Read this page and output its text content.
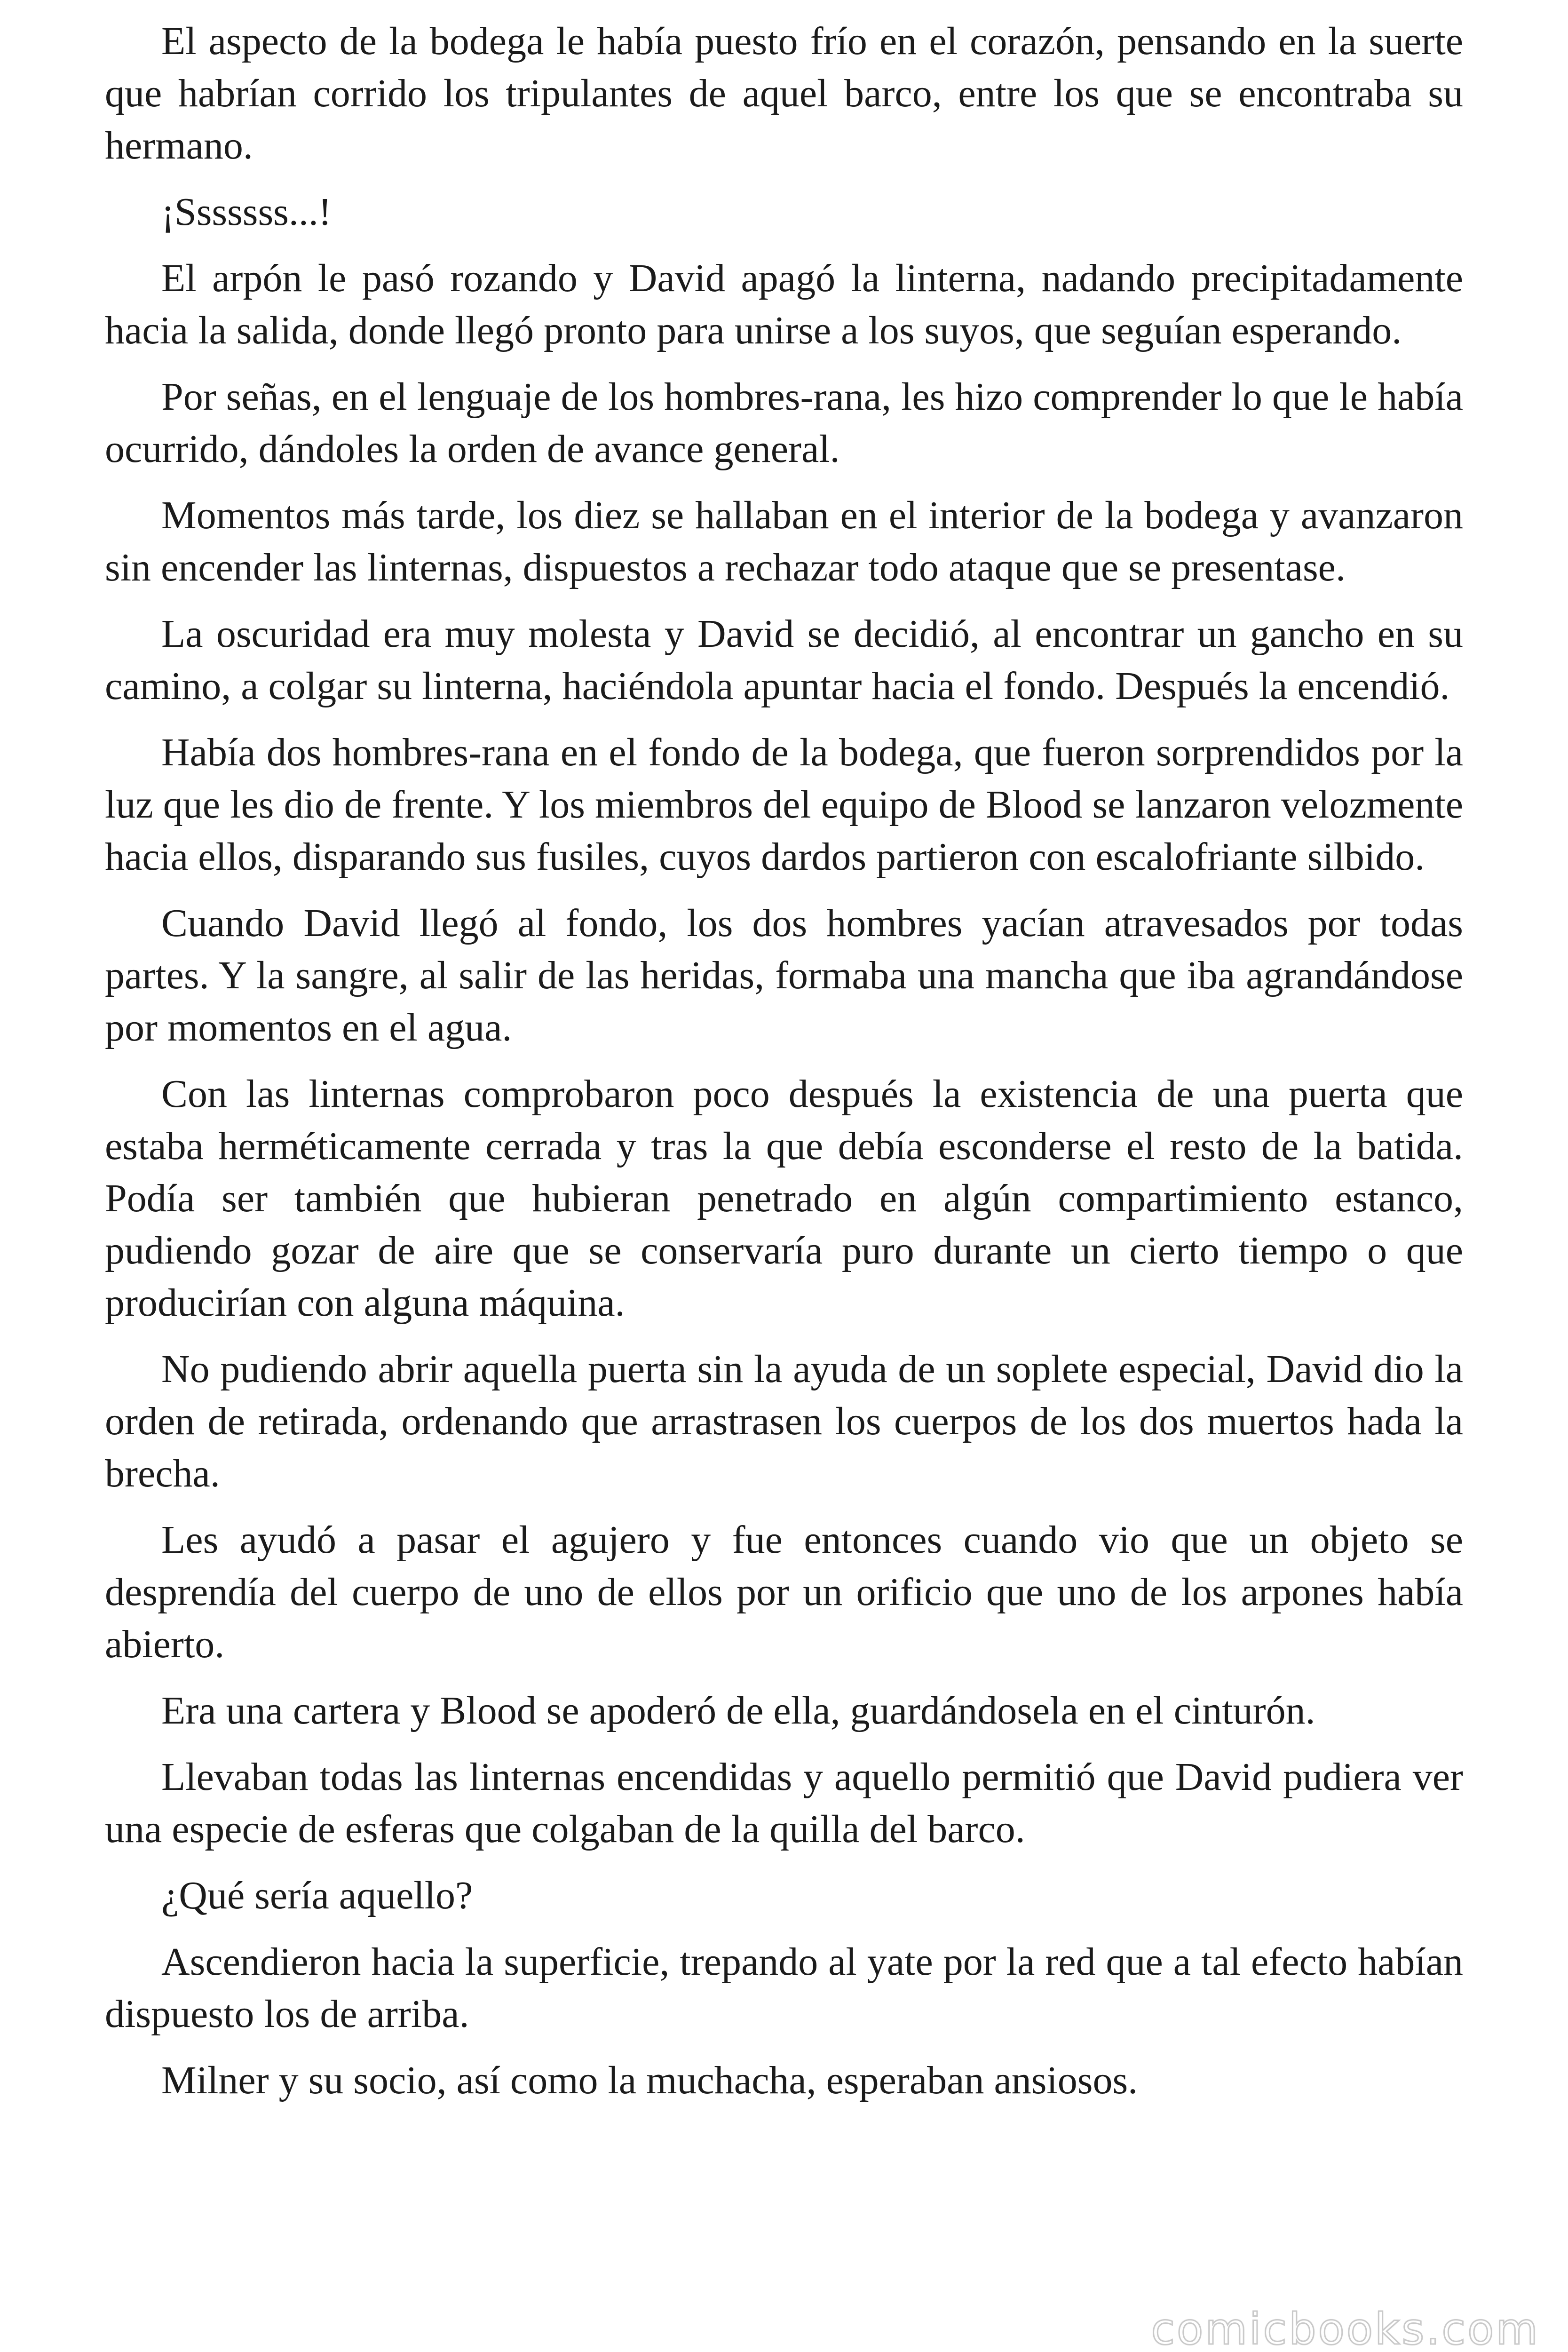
El aspecto de la bodega le había puesto frío en el corazón, pensando en la suerte que habrían corrido los tripulantes de aquel barco, entre los que se encontraba su hermano.

¡Sssssss...!

El arpón le pasó rozando y David apagó la linterna, nadando precipitadamente hacia la salida, donde llegó pronto para unirse a los suyos, que seguían esperando.

Por señas, en el lenguaje de los hombres-rana, les hizo comprender lo que le había ocurrido, dándoles la orden de avance general.

Momentos más tarde, los diez se hallaban en el interior de la bodega y avanzaron sin encender las linternas, dispuestos a rechazar todo ataque que se presentase.

La oscuridad era muy molesta y David se decidió, al encontrar un gancho en su camino, a colgar su linterna, haciéndola apuntar hacia el fondo. Después la encendió.

Había dos hombres-rana en el fondo de la bodega, que fueron sorprendidos por la luz que les dio de frente. Y los miembros del equipo de Blood se lanzaron velozmente hacia ellos, disparando sus fusiles, cuyos dardos partieron con escalofriante silbido.

Cuando David llegó al fondo, los dos hombres yacían atravesados por todas partes. Y la sangre, al salir de las heridas, formaba una mancha que iba agrandándose por momentos en el agua.

Con las linternas comprobaron poco después la existencia de una puerta que estaba herméticamente cerrada y tras la que debía esconderse el resto de la batida. Podía ser también que hubieran penetrado en algún compartimiento estanco, pudiendo gozar de aire que se conservaría puro durante un cierto tiempo o que producirían con alguna máquina.

No pudiendo abrir aquella puerta sin la ayuda de un soplete especial, David dio la orden de retirada, ordenando que arrastrasen los cuerpos de los dos muertos hada la brecha.

Les ayudó a pasar el agujero y fue entonces cuando vio que un objeto se desprendía del cuerpo de uno de ellos por un orificio que uno de los arpones había abierto.

Era una cartera y Blood se apoderó de ella, guardándosela en el cinturón.

Llevaban todas las linternas encendidas y aquello permitió que David pudiera ver una especie de esferas que colgaban de la quilla del barco.

¿Qué sería aquello?

Ascendieron hacia la superficie, trepando al yate por la red que a tal efecto habían dispuesto los de arriba.

Milner y su socio, así como la muchacha, esperaban ansiosos.

comicbooks.com
